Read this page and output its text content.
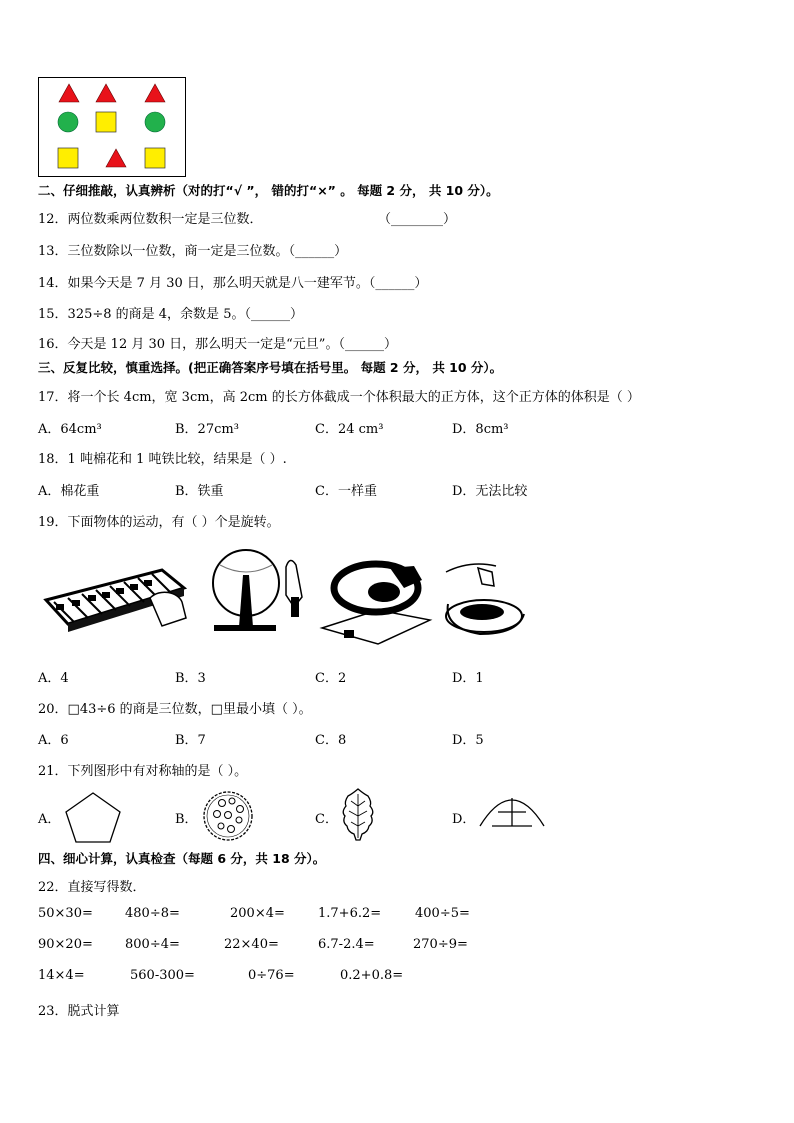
二、仔细推敲，认真辨析（对的打“√ ”， 错的打“×” 。 每题 2 分， 共 10 分）。
12．两位数乘两位数积一定是三位数．	（________）
13．三位数除以一位数，商一定是三位数。（______）
14．如果今天是 7 月 30 日，那么明天就是八一建军节。（______）
15．325÷8 的商是 4，余数是 5。（______）
16．今天是 12 月 30 日，那么明天一定是“元旦”。（______）
三、反复比较，慎重选择。(把正确答案序号填在括号里。 每题 2 分， 共 10 分）。
17．将一个长 4cm，宽 3cm，高 2cm 的长方体截成一个体积最大的正方体，这个正方体的体积是（ ）
A．64cm³	B．27cm³	C．24 cm³	D．8cm³
18．1 吨棉花和 1 吨铁比较，结果是（ ）.
A．棉花重	B．铁重	C．一样重	D．无法比较
19．下面物体的运动，有（ ）个是旋转。
A．4	B．3	C．2	D．1
20．□43÷6 的商是三位数，□里最小填（ ）。
A．6	B．7	C．8	D．5
21．下列图形中有对称轴的是（ ）。
A．	B．	C．	D．
四、细心计算，认真检查（每题 6 分，共 18 分）。
22．直接写得数．
50×30= 480÷8=	200×4=	1.7+6.2=	400÷5=
90×20= 800÷4=	22×40=	6.7-2.4=	270÷9=
14×4=	560-300=	0÷76=	0.2+0.8=
23．脱式计算
